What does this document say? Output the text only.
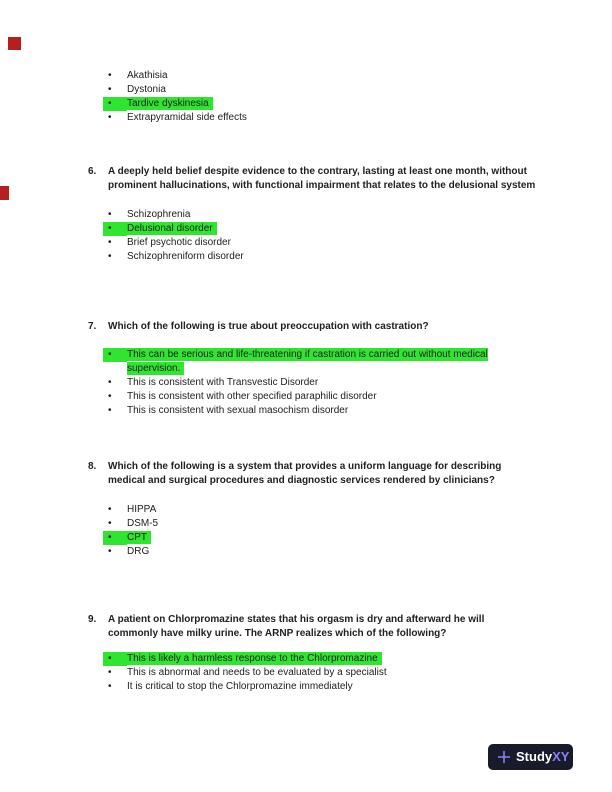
•	Akathisia
•	Dystonia
•	Tardive dyskinesia
•	Extrapyramidal side effects
6.	A deeply held belief despite evidence to the contrary, lasting at least one month, without prominent hallucinations, with functional impairment that relates to the delusional system
•	Schizophrenia
•	Delusional disorder
•	Brief psychotic disorder
•	Schizophreniform disorder
7.	Which of the following is true about preoccupation with castration?
•	This can be serious and life-threatening if castration is carried out without medical supervision.
•	This is consistent with Transvestic Disorder
•	This is consistent with other specified paraphilic disorder
•	This is consistent with sexual masochism disorder
8.	Which of the following is a system that provides a uniform language for describing medical and surgical procedures and diagnostic services rendered by clinicians?
•	HIPPA
•	DSM-5
•	CPT
•	DRG
9.	A patient on Chlorpromazine states that his orgasm is dry and afterward he will commonly have milky urine. The ARNP realizes which of the following?
•	This is likely a harmless response to the Chlorpromazine
•	This is abnormal and needs to be evaluated by a specialist
•	It is critical to stop the Chlorpromazine immediately
StudyXY
